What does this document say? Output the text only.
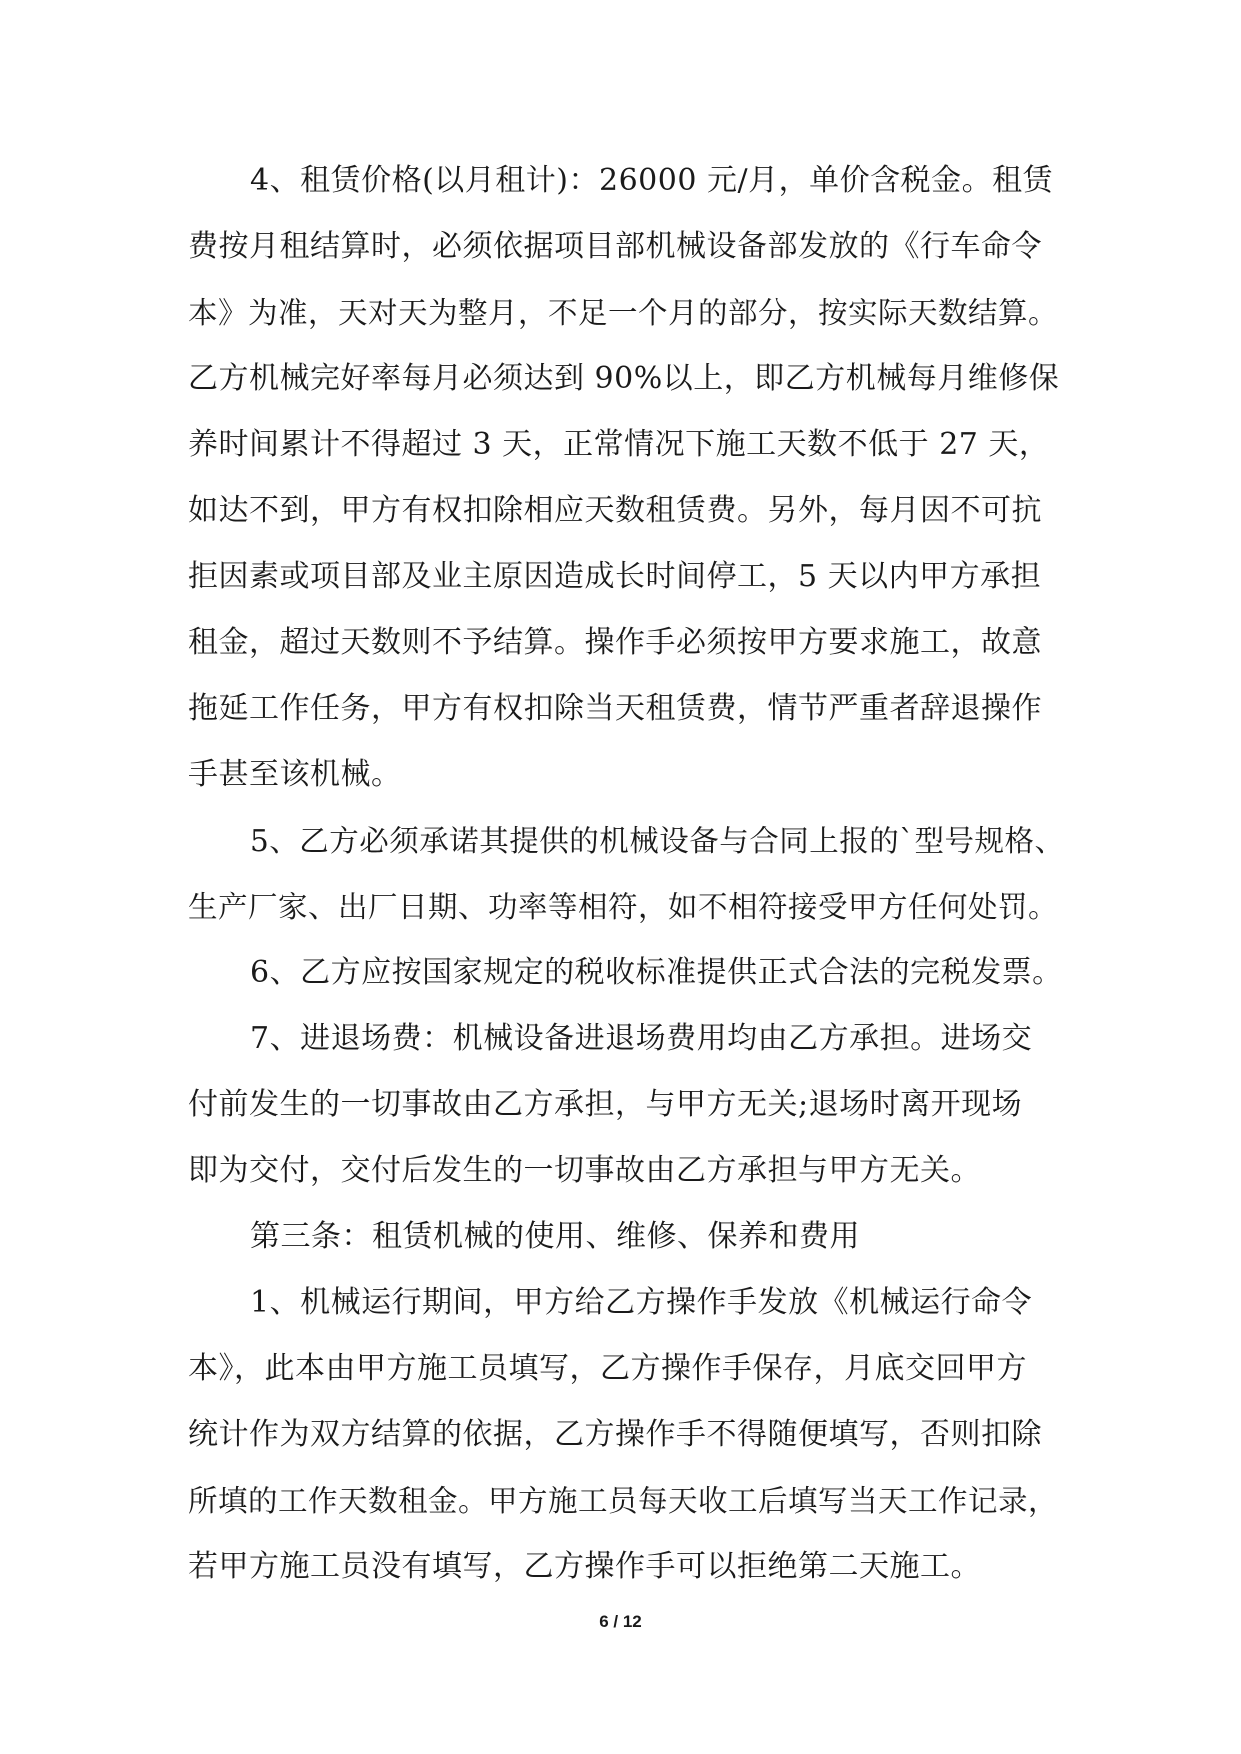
4、租赁价格(以月租计)：26000 元/月，单价含税金。租赁
费按月租结算时，必须依据项目部机械设备部发放的《行车命令
本》为准，天对天为整月，不足一个月的部分，按实际天数结算。
乙方机械完好率每月必须达到 90%以上，即乙方机械每月维修保
养时间累计不得超过 3 天，正常情况下施工天数不低于 27 天，
如达不到，甲方有权扣除相应天数租赁费。另外，每月因不可抗
拒因素或项目部及业主原因造成长时间停工，5 天以内甲方承担
租金，超过天数则不予结算。操作手必须按甲方要求施工，故意
拖延工作任务，甲方有权扣除当天租赁费，情节严重者辞退操作
手甚至该机械。
5、乙方必须承诺其提供的机械设备与合同上报的`型号规格、
生产厂家、出厂日期、功率等相符，如不相符接受甲方任何处罚。
6、乙方应按国家规定的税收标准提供正式合法的完税发票。
7、进退场费：机械设备进退场费用均由乙方承担。进场交
付前发生的一切事故由乙方承担，与甲方无关;退场时离开现场
即为交付，交付后发生的一切事故由乙方承担与甲方无关。
第三条：租赁机械的使用、维修、保养和费用
1、机械运行期间，甲方给乙方操作手发放《机械运行命令
本》，此本由甲方施工员填写，乙方操作手保存，月底交回甲方
统计作为双方结算的依据，乙方操作手不得随便填写，否则扣除
所填的工作天数租金。甲方施工员每天收工后填写当天工作记录，
若甲方施工员没有填写，乙方操作手可以拒绝第二天施工。
6 / 12
